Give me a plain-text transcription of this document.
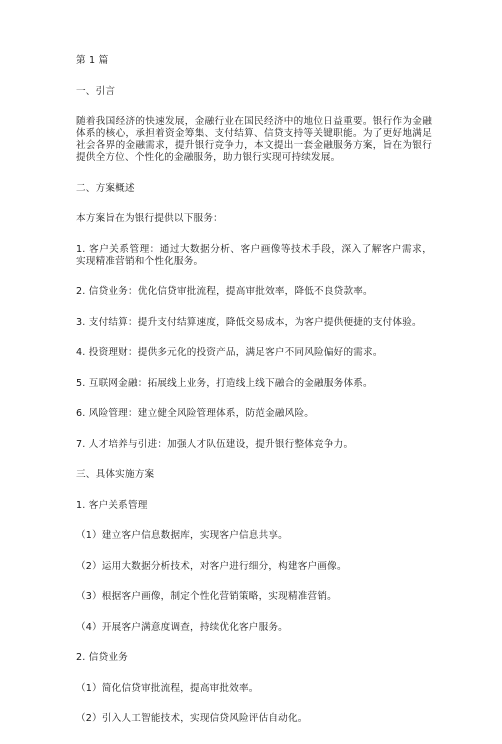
第 1 篇
一、引言
随着我国经济的快速发展，金融行业在国民经济中的地位日益重要。银行作为金融
体系的核心，承担着资金筹集、支付结算、信贷支持等关键职能。为了更好地满足
社会各界的金融需求，提升银行竞争力，本文提出一套金融服务方案，旨在为银行
提供全方位、个性化的金融服务，助力银行实现可持续发展。
二、方案概述
本方案旨在为银行提供以下服务：
1. 客户关系管理：通过大数据分析、客户画像等技术手段，深入了解客户需求，
实现精准营销和个性化服务。
2. 信贷业务：优化信贷审批流程，提高审批效率，降低不良贷款率。
3. 支付结算：提升支付结算速度，降低交易成本，为客户提供便捷的支付体验。
4. 投资理财：提供多元化的投资产品，满足客户不同风险偏好的需求。
5. 互联网金融：拓展线上业务，打造线上线下融合的金融服务体系。
6. 风险管理：建立健全风险管理体系，防范金融风险。
7. 人才培养与引进：加强人才队伍建设，提升银行整体竞争力。
三、具体实施方案
1. 客户关系管理
（1）建立客户信息数据库，实现客户信息共享。
（2）运用大数据分析技术，对客户进行细分，构建客户画像。
（3）根据客户画像，制定个性化营销策略，实现精准营销。
（4）开展客户满意度调查，持续优化客户服务。
2. 信贷业务
（1）简化信贷审批流程，提高审批效率。
（2）引入人工智能技术，实现信贷风险评估自动化。
